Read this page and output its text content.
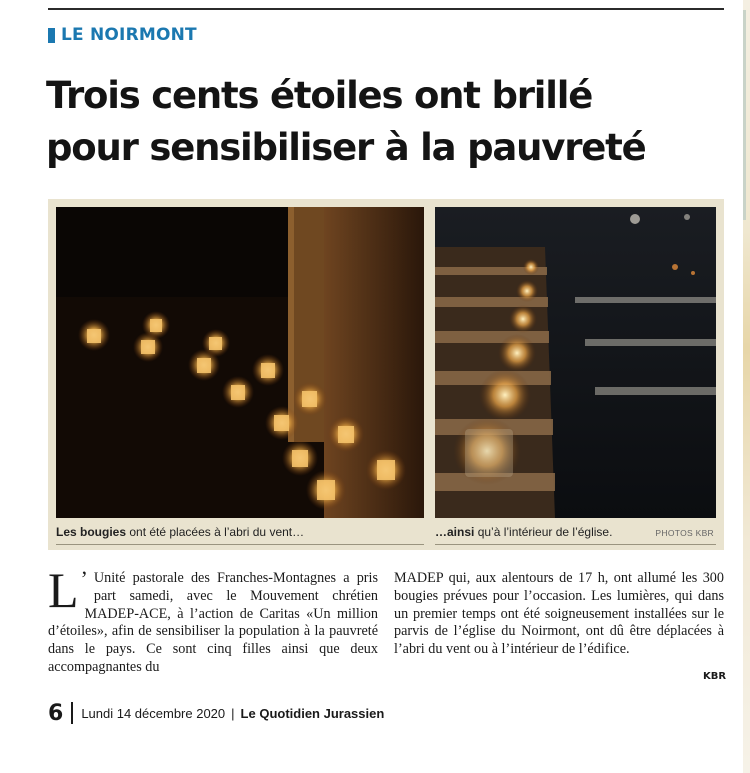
LE NOIRMONT
Trois cents étoiles ont brillé
pour sensibiliser à la pauvreté
Les bougies ont été placées à l’abri du vent…	…ainsi qu’à l’intérieur de l’église.	PHOTOS KBR

L ’ Unité pastorale des Franches-Montagnes a pris part samedi, avec le Mouvement chrétien MADEP-ACE, à l’action de Caritas «Un million d’étoiles», afin de sensibiliser la population à la pauvreté dans le pays. Ce sont cinq filles ainsi que deux accompagnantes du

MADEP qui, aux alentours de 17 h, ont allumé les 300 bougies prévues pour l’occasion. Les lumières, qui dans un premier temps ont été soigneusement installées sur le parvis de l’église du Noirmont, ont dû être déplacées à l’abri du vent ou à l’intérieur de l’édifice.

KBR
6 Lundi 14 décembre 2020 | Le Quotidien Jurassien
